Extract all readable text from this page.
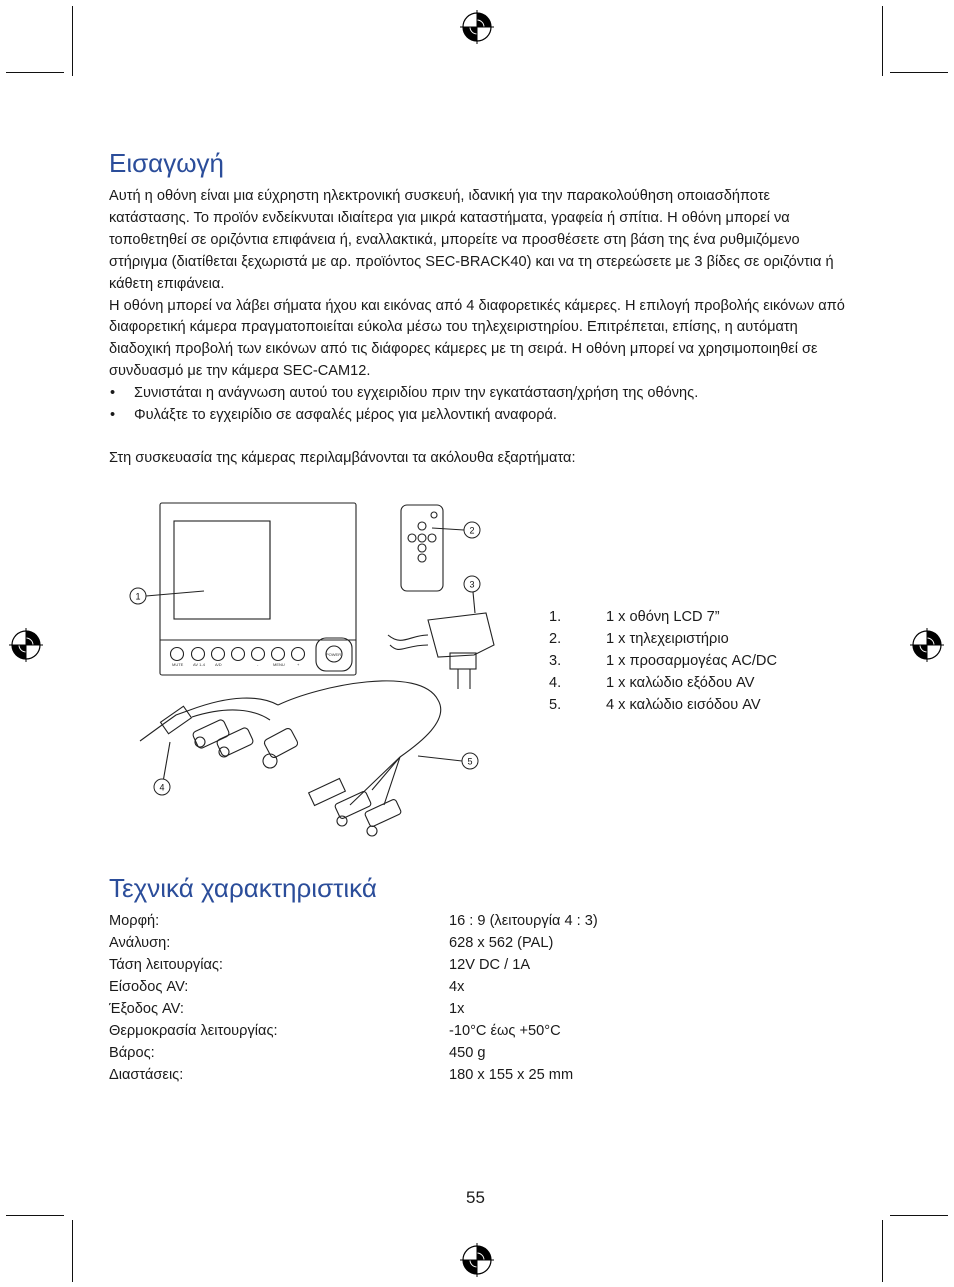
Εισαγωγή

Αυτή η οθόνη είναι μια εύχρηστη ηλεκτρονική συσκευή, ιδανική για την παρακολούθηση οποιασδήποτε κατάστασης. Το προϊόν ενδείκνυται ιδιαίτερα για μικρά καταστήματα, γραφεία ή σπίτια. Η οθόνη μπορεί να τοποθετηθεί σε οριζόντια επιφάνεια ή, εναλλακτικά, μπορείτε να προσθέσετε στη βάση της ένα ρυθμιζόμενο στήριγμα (διατίθεται ξεχωριστά με αρ. προϊόντος SEC-BRACK40) και να τη στερεώσετε με 3 βίδες σε οριζόντια ή κάθετη επιφάνεια.

Η οθόνη μπορεί να λάβει σήματα ήχου και εικόνας από 4 διαφορετικές κάμερες. Η επιλογή προβολής εικόνων από διαφορετική κάμερα πραγματοποιείται εύκολα μέσω του τηλεχειριστηρίου. Επιτρέπεται, επίσης, η αυτόματη διαδοχική προβολή των εικόνων από τις διάφορες κάμερες με τη σειρά. Η οθόνη μπορεί να χρησιμοποιηθεί σε συνδυασμό με την κάμερα SEC-CAM12.

• Συνιστάται η ανάγνωση αυτού του εγχειριδίου πριν την εγκατάσταση/χρήση της οθόνης.
• Φυλάξτε το εγχειρίδιο σε ασφαλές μέρος για μελλοντική αναφορά.
Στη συσκευασία της κάμερας περιλαμβάνονται τα ακόλουθα εξαρτήματα:
MUTE AV 1-4	A/D	-	MENU	+
POWER
1
2
3
4
5
1.	1 x οθόνη LCD 7”
2.	1 x τηλεχειριστήριο
3.	1 x προσαρμογέας AC/DC
4.	1 x καλώδιο εξόδου AV
5.	4 x καλώδιο εισόδου AV
Τεχνικά χαρακτηριστικά
Μορφή:	16 : 9 (λειτουργία 4 : 3)
Ανάλυση:	628 x 562 (PAL)
Τάση λειτουργίας:	12V DC / 1A
Είσοδος AV:	4x
Έξοδος AV:	1x
Θερμοκρασία λειτουργίας:	-10°C έως +50°C
Βάρος:	450 g
Διαστάσεις:	180 x 155 x 25 mm
55
